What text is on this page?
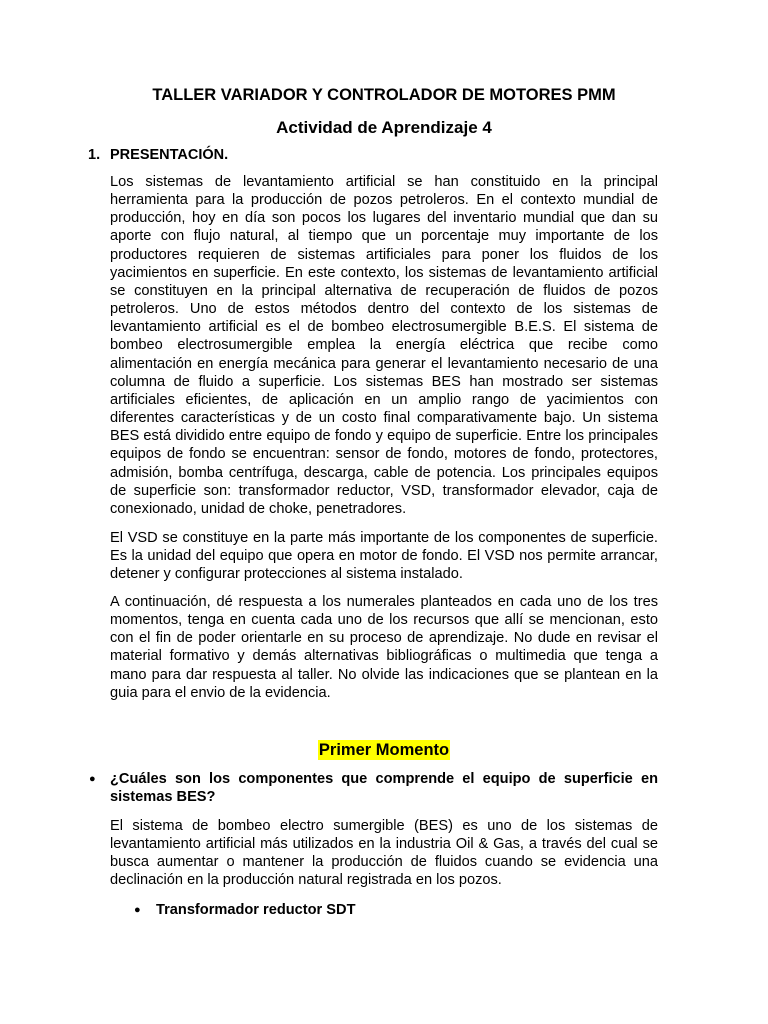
TALLER VARIADOR Y CONTROLADOR DE MOTORES PMM
Actividad de Aprendizaje 4
1. PRESENTACIÓN.

Los sistemas de levantamiento artificial se han constituido en la principal herramienta para la producción de pozos petroleros. En el contexto mundial de producción, hoy en día son pocos los lugares del inventario mundial que dan su aporte con flujo natural, al tiempo que un porcentaje muy importante de los productores requieren de sistemas artificiales para poner los fluidos de los yacimientos en superficie. En este contexto, los sistemas de levantamiento artificial se constituyen en la principal alternativa de recuperación de fluidos de pozos petroleros. Uno de estos métodos dentro del contexto de los sistemas de levantamiento artificial es el de bombeo electrosumergible B.E.S. El sistema de bombeo electrosumergible emplea la energía eléctrica que recibe como alimentación en energía mecánica para generar el levantamiento necesario de una columna de fluido a superficie. Los sistemas BES han mostrado ser sistemas artificiales eficientes, de aplicación en un amplio rango de yacimientos con diferentes características y de un costo final comparativamente bajo. Un sistema BES está dividido entre equipo de fondo y equipo de superficie. Entre los principales equipos de fondo se encuentran: sensor de fondo, motores de fondo, protectores, admisión, bomba centrífuga, descarga, cable de potencia. Los principales equipos de superficie son: transformador reductor, VSD, transformador elevador, caja de conexionado, unidad de choke, penetradores.

El VSD se constituye en la parte más importante de los componentes de superficie. Es la unidad del equipo que opera en motor de fondo. El VSD nos permite arrancar, detener y configurar protecciones al sistema instalado.

A continuación, dé respuesta a los numerales planteados en cada uno de los tres momentos, tenga en cuenta cada uno de los recursos que allí se mencionan, esto con el fin de poder orientarle en su proceso de aprendizaje. No dude en revisar el material formativo y demás alternativas bibliográficas o multimedia que tenga a mano para dar respuesta al taller. No olvide las indicaciones que se plantean en la guia para el envio de la evidencia.

Primer Momento
● ¿Cuáles son los componentes que comprende el equipo de superficie en sistemas BES?

El sistema de bombeo electro sumergible (BES) es uno de los sistemas de levantamiento artificial más utilizados en la industria Oil & Gas, a través del cual se busca aumentar o mantener la producción de fluidos cuando se evidencia una declinación en la producción natural registrada en los pozos.

● Transformador reductor SDT
